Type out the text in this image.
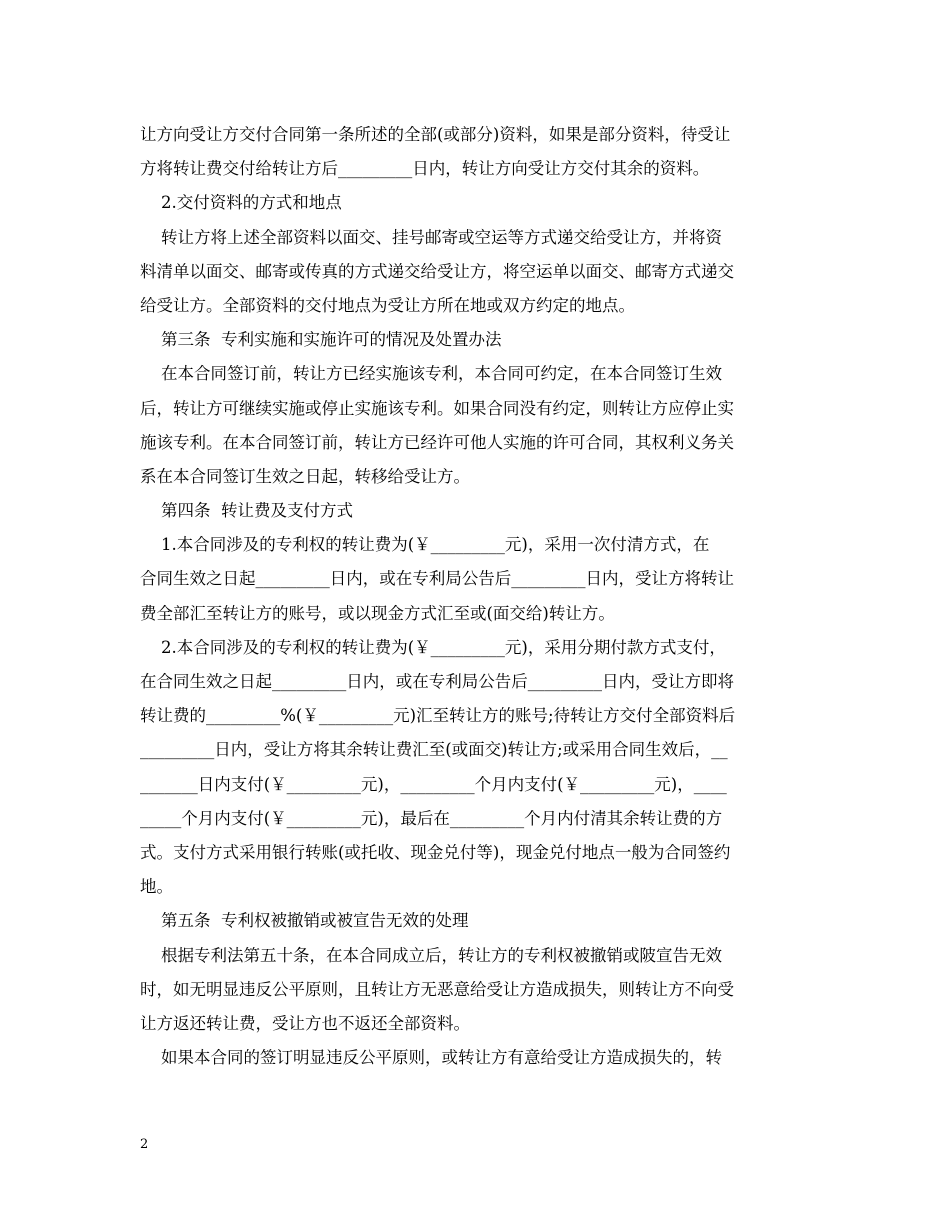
让方向受让方交付合同第一条所述的全部(或部分)资料，如果是部分资料，待受让
方将转让费交付给转让方后_________日内，转让方向受让方交付其余的资料。
2.交付资料的方式和地点
转让方将上述全部资料以面交、挂号邮寄或空运等方式递交给受让方，并将资
料清单以面交、邮寄或传真的方式递交给受让方，将空运单以面交、邮寄方式递交
给受让方。全部资料的交付地点为受让方所在地或双方约定的地点。
第三条  专利实施和实施许可的情况及处置办法
在本合同签订前，转让方已经实施该专利，本合同可约定，在本合同签订生效
后，转让方可继续实施或停止实施该专利。如果合同没有约定，则转让方应停止实
施该专利。在本合同签订前，转让方已经许可他人实施的许可合同，其权利义务关
系在本合同签订生效之日起，转移给受让方。
第四条  转让费及支付方式
1.本合同涉及的专利权的转让费为(￥_________元)，采用一次付清方式，在
合同生效之日起_________日内，或在专利局公告后_________日内，受让方将转让
费全部汇至转让方的账号，或以现金方式汇至或(面交给)转让方。
2.本合同涉及的专利权的转让费为(￥_________元)，采用分期付款方式支付，
在合同生效之日起_________日内，或在专利局公告后_________日内，受让方即将
转让费的_________%(￥_________元)汇至转让方的账号;待转让方交付全部资料后
_________日内，受让方将其余转让费汇至(或面交)转让方;或采用合同生效后，__
_______日内支付(￥_________元)，_________个月内支付(￥_________元)，____
_____个月内支付(￥_________元)，最后在_________个月内付清其余转让费的方
式。支付方式采用银行转账(或托收、现金兑付等)，现金兑付地点一般为合同签约
地。
第五条  专利权被撤销或被宣告无效的处理
根据专利法第五十条，在本合同成立后，转让方的专利权被撤销或陂宣告无效
时，如无明显违反公平原则，且转让方无恶意给受让方造成损失，则转让方不向受
让方返还转让费，受让方也不返还全部资料。
如果本合同的签订明显违反公平原则，或转让方有意给受让方造成损失的，转
2
